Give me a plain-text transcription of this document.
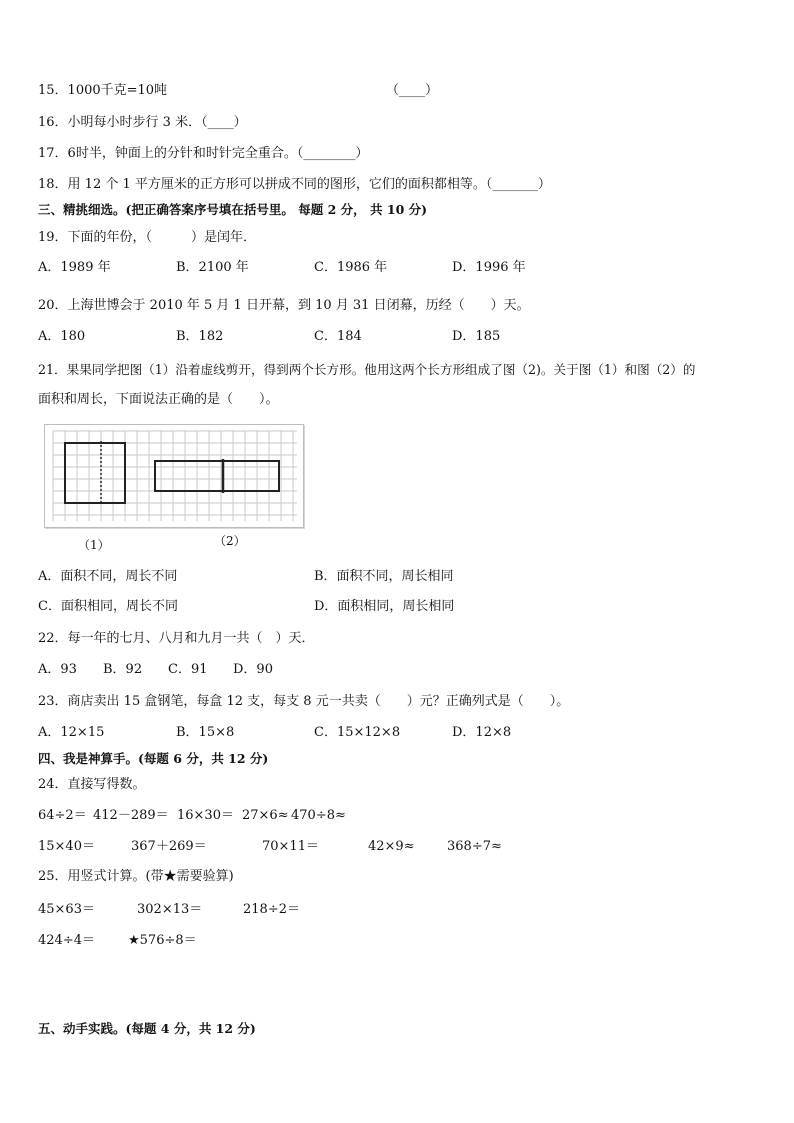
15．1000千克=10吨	（____）
16．小明每小时步行 3 米．（____）
17．6时半，钟面上的分针和时针完全重合。（________）
18．用 12 个 1 平方厘米的正方形可以拼成不同的图形，它们的面积都相等。（_______）
三、精挑细选。(把正确答案序号填在括号里。 每题 2 分， 共 10 分)
19．下面的年份，（　　　）是闰年．
A．1989 年	B．2100 年	C．1986 年	D．1996 年
20．上海世博会于 2010 年 5 月 1 日开幕，到 10 月 31 日闭幕，历经（　　）天。
A．180	B．182	C．184	D．185
21．果果同学把图（1）沿着虚线剪开，得到两个长方形。他用这两个长方形组成了图（2)。关于图（1）和图（2）的
面积和周长，下面说法正确的是（　　）。
（1）	（2）
A．面积不同，周长不同	B．面积不同，周长相同
C．面积相同，周长不同	D．面积相同，周长相同
22．每一年的七月、八月和九月一共（　）天．
A．93 B．92 C．91 D．90
23．商店卖出 15 盒钢笔，每盒 12 支，每支 8 元一共卖（　　）元？正确列式是（　　）。
A．12×15	B．15×8	C．15×12×8	D．12×8
四、我是神算手。(每题 6 分，共 12 分)
24．直接写得数。
64÷2＝ 412－289＝ 16×30＝ 27×6≈ 470÷8≈
15×40＝	367＋269＝	70×11＝	42×9≈ 368÷7≈
25．用竖式计算。(带★需要验算)
45×63＝	302×13＝	218÷2＝
424÷4＝	★576÷8＝
五、动手实践。(每题 4 分，共 12 分)
